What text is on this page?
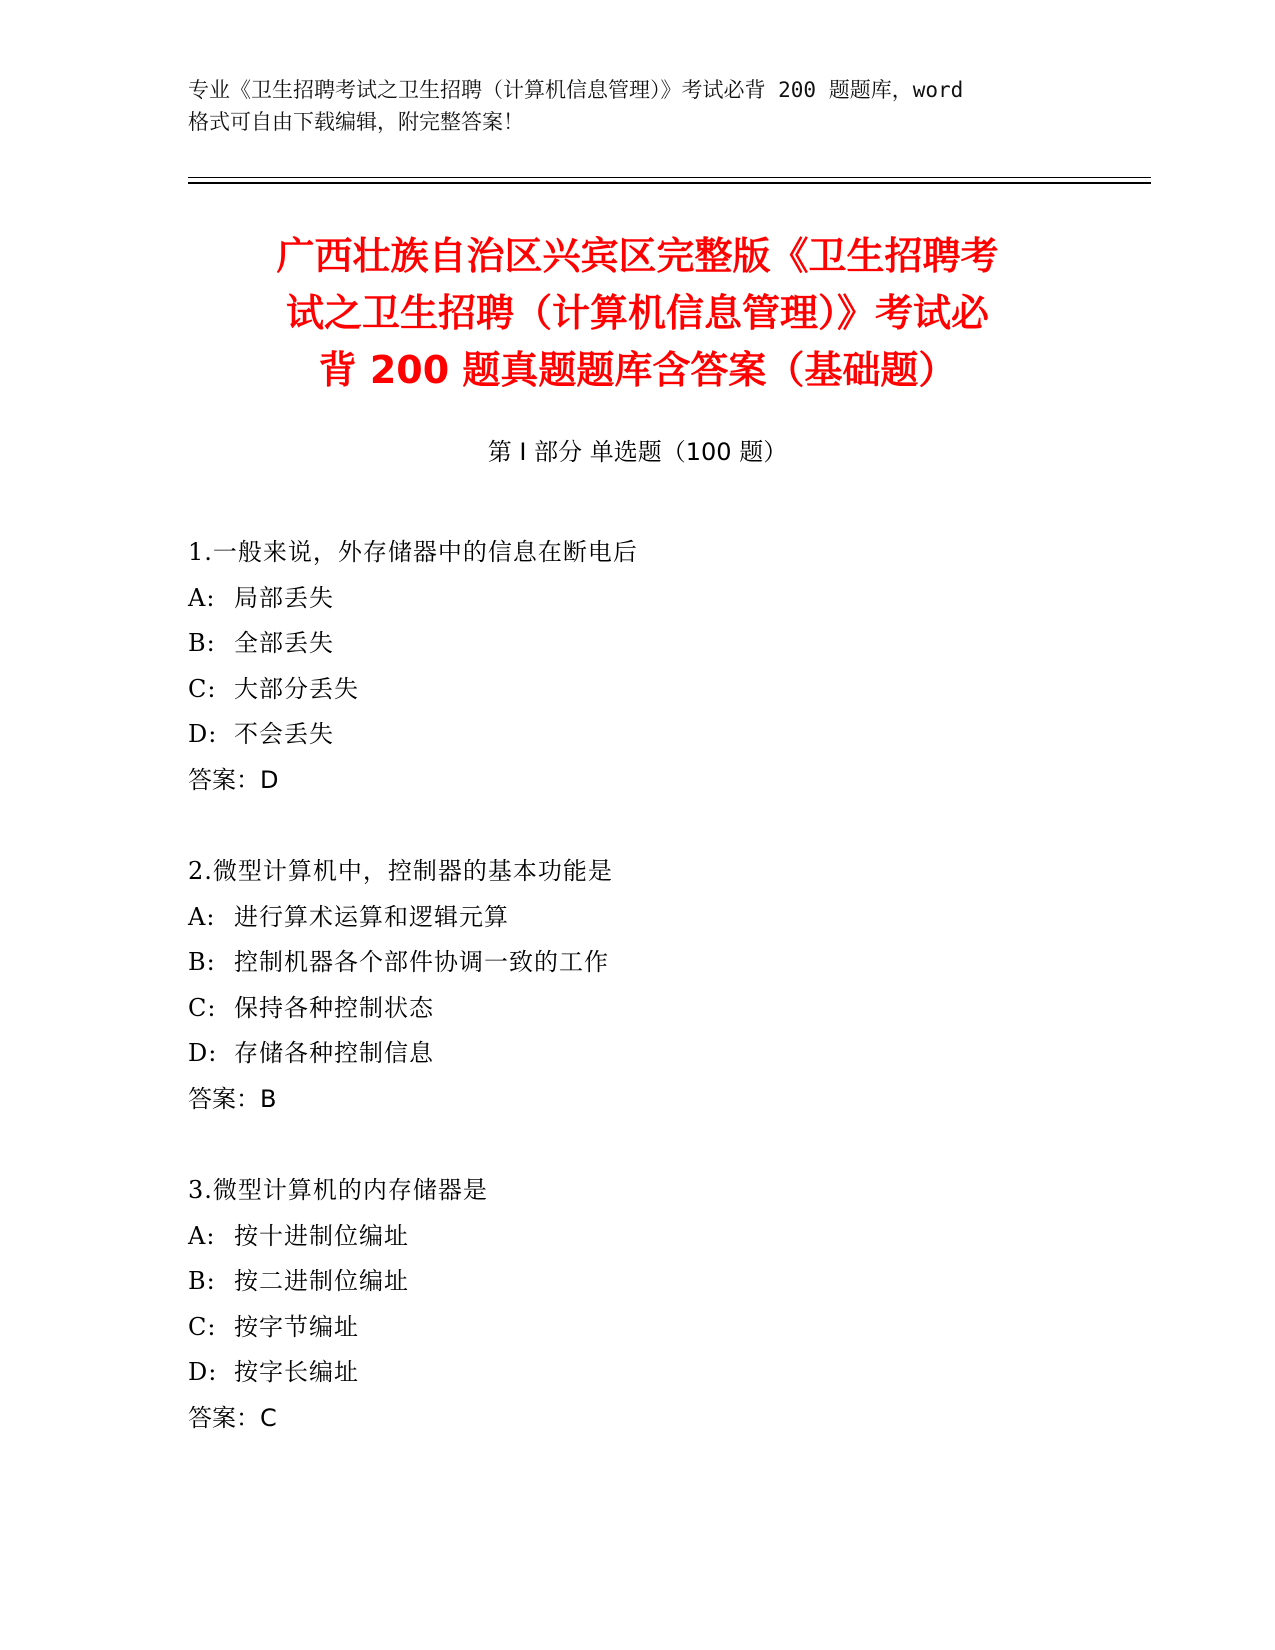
专业《卫生招聘考试之卫生招聘（计算机信息管理）》考试必背 200 题题库，word
格式可自由下载编辑，附完整答案！
广西壮族自治区兴宾区完整版《卫生招聘考
试之卫生招聘（计算机信息管理）》考试必
背 200 题真题题库含答案（基础题）
第 I 部分 单选题（100 题）
1.一般来说，外存储器中的信息在断电后
A: 局部丢失
B: 全部丢失
C: 大部分丢失
D: 不会丢失
答案：D
2.微型计算机中，控制器的基本功能是
A: 进行算术运算和逻辑元算
B: 控制机器各个部件协调一致的工作
C: 保持各种控制状态
D: 存储各种控制信息
答案：B
3.微型计算机的内存储器是
A: 按十进制位编址
B: 按二进制位编址
C: 按字节编址
D: 按字长编址
答案：C
